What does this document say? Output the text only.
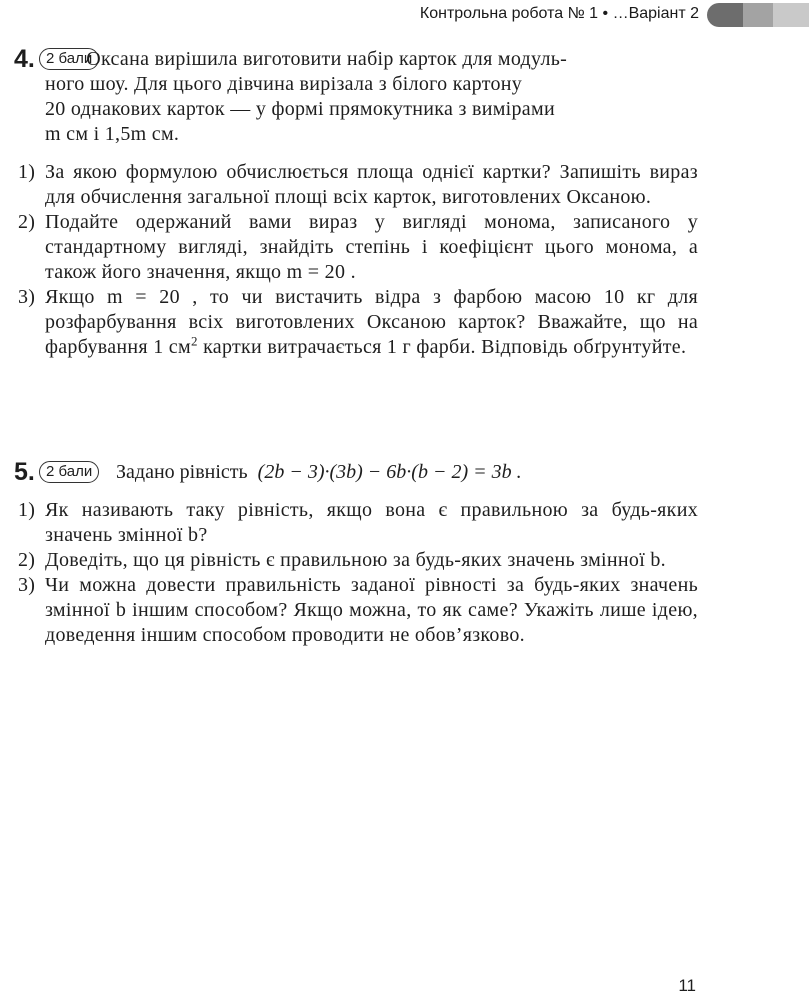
Контрольна робота № 1 • …Варіант 2
4. 2 бали
Оксана вирішила виготовити набір карток для модуль-
ного шоу. Для цього дівчина вирізала з білого картону
20 однакових карток — у формі прямокутника з вимірами
m см і 1,5m см.

1) За якою формулою обчислюється площа однієї картки? Запишіть вираз для обчислення загальної площі всіх карток, виготовлених Оксаною.

2) Подайте одержаний вами вираз у вигляді монома, записаного у стандартному вигляді, знайдіть степінь і коефіцієнт цього монома, а також його значення, якщо m = 20 .

3) Якщо m = 20 , то чи вистачить відра з фарбою масою 10 кг для розфарбування всіх виготовлених Оксаною карток? Вважайте, що на фарбування 1 $см^2$ картки витрачається 1 г фарби. Відповідь обґрунтуйте.

5. 2 бали	Задано рівність (2b − 3)·(3b) − 6b·(b − 2) = 3b .

1) Як називають таку рівність, якщо вона є правильною за будь-яких значень змінної b?

2) Доведіть, що ця рівність є правильною за будь-яких значень змінної b.

3) Чи можна довести правильність заданої рівності за будь-яких значень змінної b іншим способом? Якщо можна, то як саме? Укажіть лише ідею, доведення іншим способом проводити не обов’язково.

11
